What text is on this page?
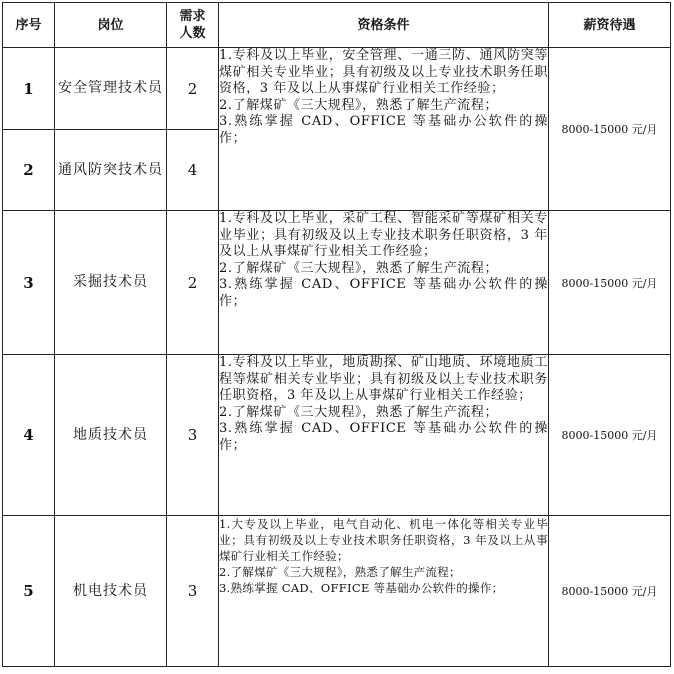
序号	岗位	需求人数	资格条件	薪资待遇
1	安全管理技术员	2	1.专科及以上毕业，安全管理、一通三防、通风防突等煤矿相关专业毕业；具有初级及以上专业技术职务任职资格，3 年及以上从事煤矿行业相关工作经验；
2.了解煤矿《三大规程》，熟悉了解生产流程；
3.熟练掌握 CAD、OFFICE 等基础办公软件的操作；	8000-15000 元/月
2	通风防突技术员	4		
3	采掘技术员	2	1.专科及以上毕业，采矿工程、智能采矿等煤矿相关专业毕业；具有初级及以上专业技术职务任职资格，3 年及以上从事煤矿行业相关工作经验；
2.了解煤矿《三大规程》，熟悉了解生产流程；
3.熟练掌握 CAD、OFFICE 等基础办公软件的操作；	8000-15000 元/月
4	地质技术员	3	1.专科及以上毕业，地质勘探、矿山地质、环境地质工程等煤矿相关专业毕业；具有初级及以上专业技术职务任职资格，3 年及以上从事煤矿行业相关工作经验；
2.了解煤矿《三大规程》，熟悉了解生产流程；
3.熟练掌握 CAD、OFFICE 等基础办公软件的操作；	8000-15000 元/月
5	机电技术员	3	1.大专及以上毕业，电气自动化、机电一体化等相关专业毕业；具有初级及以上专业技术职务任职资格，3 年及以上从事煤矿行业相关工作经验；
2.了解煤矿《三大规程》，熟悉了解生产流程；
3.熟练掌握 CAD、OFFICE 等基础办公软件的操作；	8000-15000 元/月
